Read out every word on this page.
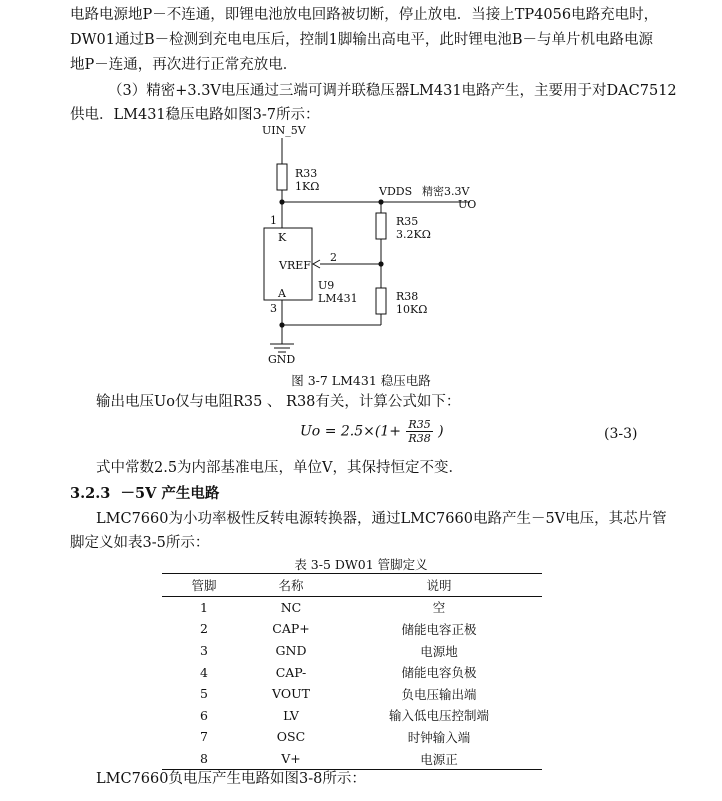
电路电源地P－不连通，即锂电池放电回路被切断，停止放电．当接上TP4056电路充电时，
DW01通过B－检测到充电电压后，控制1脚输出高电平，此时锂电池B－与单片机电路电源
地P－连通，再次进行正常充放电．
（3）精密+3.3V电压通过三端可调并联稳压器LM431电路产生，主要用于对DAC7512
供电．LM431稳压电路如图3-7所示：
UIN_5V
R33
1KΩ	VDDS 精密3.3V
UO
R35
3.2KΩ
1
K
VREF
2
U9
LM431
A
3
R38
10KΩ
GND
图 3-7 LM431 稳压电路
输出电压Uo仅与电阻R35 、 R38有关，计算公式如下：
$Uo = 2.5\times(1+ \frac{R35}{R38}$ )	(3-3)
式中常数2.5为内部基准电压，单位V，其保持恒定不变．
3.2.3 －5V 产生电路
LMC7660为小功率极性反转电源转换器，通过LMC7660电路产生－5V电压，其芯片管
脚定义如表3-5所示：
表 3-5 DW01 管脚定义
管脚	名称	说明
1	NC	空
2	CAP+	储能电容正极
3	GND	电源地
4	CAP-	储能电容负极
5	VOUT	负电压输出端
6	LV	输入低电压控制端
7	OSC	时钟输入端
8	V+	电源正
LMC7660负电压产生电路如图3-8所示：
